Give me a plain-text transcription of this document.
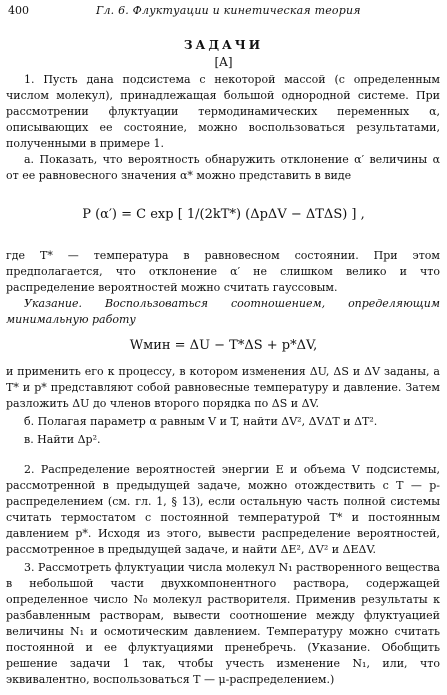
400	Гл. 6. Флуктуации и кинетическая теория
ЗАДАЧИ
[A]
1. Пусть дана подсистема с некоторой массой (с определенным числом молекул), принадлежащая большой однородной системе. При рассмотрении флуктуации термодинамических переменных α, описывающих ее состояние, можно воспользоваться результатами, полученными в примере 1.
а. Показать, что вероятность обнаружить отклонение α′ величины α от ее равновесного значения α* можно представить в виде
P (α′) = C exp [ 1/(2kT*) (ΔpΔV − ΔTΔS) ] ,
где T* — температура в равновесном состоянии. При этом предполагается, что отклонение α′ не слишком велико и что распределение вероятностей можно считать гауссовым.
Указание. Воспользоваться соотношением, определяющим минимальную работу
Wмин = ΔU − T*ΔS + p*ΔV,
и применить его к процессу, в котором изменения ΔU, ΔS и ΔV заданы, а T* и p* представляют собой равновесные температуру и давление. Затем разложить ΔU до членов второго порядка по ΔS и ΔV.
б. Полагая параметр α равным V и T, найти ΔV², ΔVΔT и ΔT².
в. Найти Δp².
2. Распределение вероятностей энергии E и объема V подсистемы, рассмотренной в предыдущей задаче, можно отождествить с T — p-распределением (см. гл. 1, § 13), если остальную часть полной системы считать термостатом с постоянной температурой T* и постоянным давлением p*. Исходя из этого, вывести распределение вероятностей, рассмотренное в предыдущей задаче, и найти ΔE², ΔV² и ΔEΔV.
3. Рассмотреть флуктуации числа молекул N₁ растворенного вещества в небольшой части двухкомпонентного раствора, содержащей определенное число N₀ молекул растворителя. Применив результаты к разбавленным растворам, вывести соотношение между флуктуацией величины N₁ и осмотическим давлением. Температуру можно считать постоянной и ее флуктуациями пренебречь. (Указание. Обобщить решение задачи 1 так, чтобы учесть изменение N₁, или, что эквивалентно, воспользоваться T — μ-распределением.)
